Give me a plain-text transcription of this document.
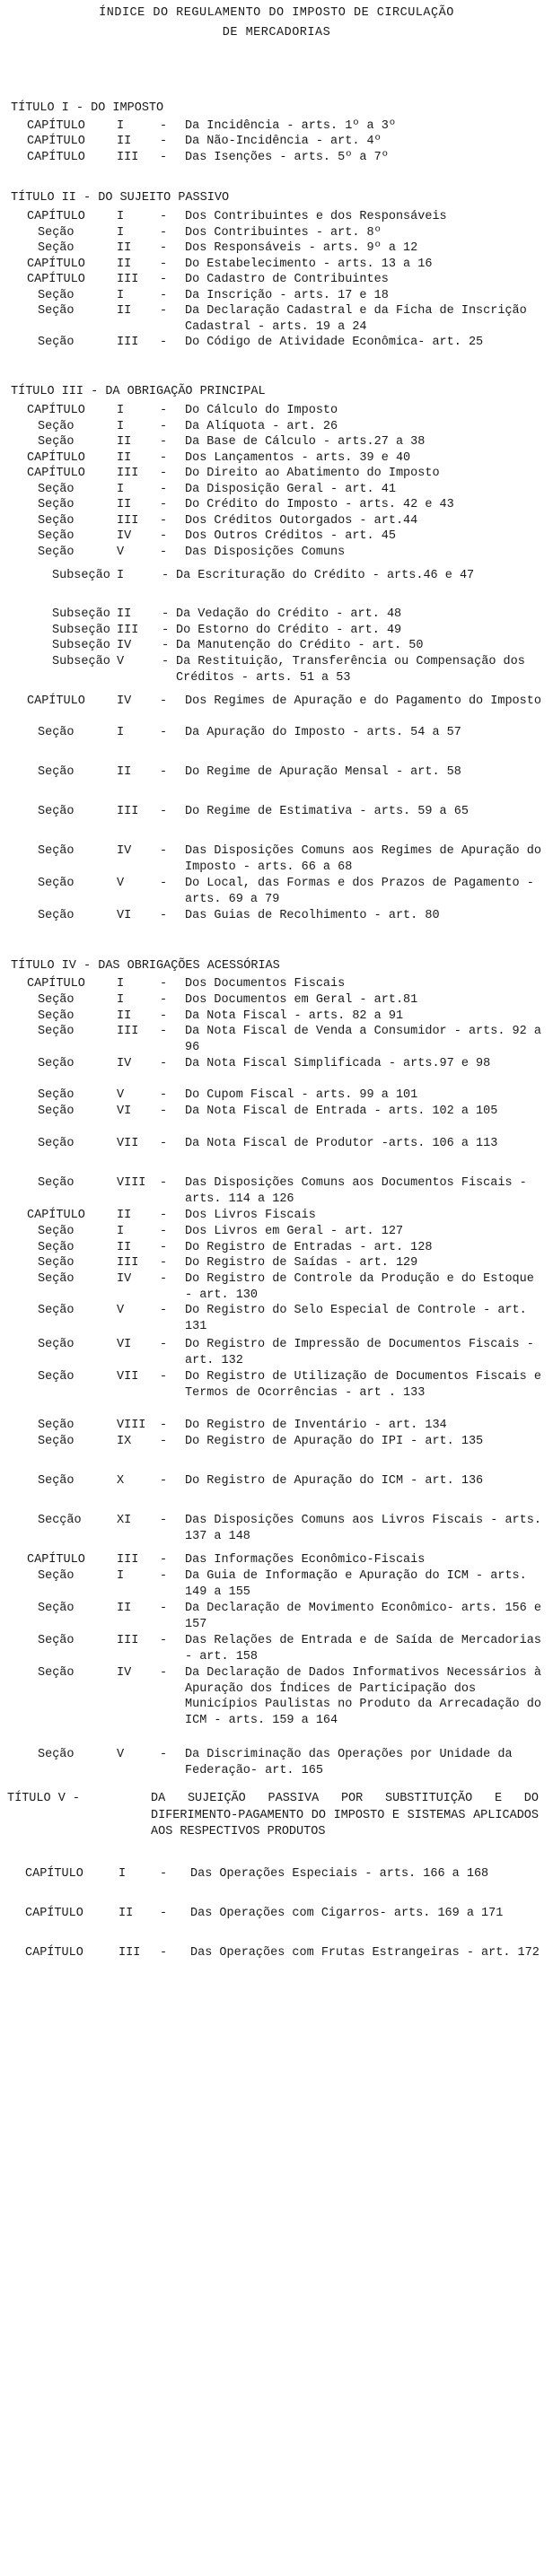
ÍNDICE DO REGULAMENTO DO IMPOSTO DE CIRCULAÇÃO
DE MERCADORIAS
TÍTULO I - DO IMPOSTO
CAPÍTULO	I	- Da Incidência - arts. 1º a 3º
CAPÍTULO	II - Da Não-Incidência - art. 4º
CAPÍTULO	III - Das Isenções - arts. 5º a 7º
TÍTULO II - DO SUJEITO PASSIVO
CAPÍTULO	I	- Dos Contribuintes e dos Responsáveis
Seção	I	- Dos Contribuintes - art. 8º
Seção	II - Dos Responsáveis - arts. 9º a 12
CAPÍTULO	II - Do Estabelecimento - arts. 13 a 16
CAPÍTULO	III - Do Cadastro de Contribuintes
Seção	I	- Da Inscrição - arts. 17 e 18
Seção	II - Da Declaração Cadastral e da Ficha de Inscrição Cadastral - arts. 19 a 24
Seção	III - Do Código de Atividade Econômica- art. 25
TÍTULO III - DA OBRIGAÇÃO PRINCIPAL
CAPÍTULO	I	- Do Cálculo do Imposto
Seção	I	- Da Alíquota - art. 26
Seção	II - Da Base de Cálculo - arts.27 a 38
CAPÍTULO	II - Dos Lançamentos - arts. 39 e 40
CAPÍTULO	III - Do Direito ao Abatimento do Imposto
Seção	I	- Da Disposição Geral - art. 41
Seção	II - Do Crédito do Imposto - arts. 42 e 43
Seção	III - Dos Créditos Outorgados - art.44
Seção	IV - Dos Outros Créditos - art. 45
Seção	V	- Das Disposições Comuns
Subseção I	- Da Escrituração do Crédito - arts.46 e 47
Subseção II	- Da Vedação do Crédito - art. 48
Subseção III - Do Estorno do Crédito - art. 49
Subseção IV	- Da Manutenção do Crédito - art. 50
Subseção V	- Da Restituição, Transferência ou Compensação dos Créditos - arts. 51 a 53
CAPÍTULO	IV - Dos Regimes de Apuração e do Pagamento do Imposto
Seção	I	- Da Apuração do Imposto - arts. 54 a 57
Seção	II - Do Regime de Apuração Mensal - art. 58
Seção	III - Do Regime de Estimativa - arts. 59 a 65
Seção	IV - Das Disposições Comuns aos Regimes de Apuração do Imposto - arts. 66 a 68
Seção	V	- Do Local, das Formas e dos Prazos de Pagamento - arts. 69 a 79
Seção	VI - Das Guias de Recolhimento - art. 80
TÍTULO IV - DAS OBRIGAÇÕES ACESSÓRIAS
CAPÍTULO	I	- Dos Documentos Fiscais
Seção	I	- Dos Documentos em Geral - art.81
Seção	II - Da Nota Fiscal - arts. 82 a 91
Seção	III - Da Nota Fiscal de Venda a Consumidor - arts. 92 a 96
Seção	IV - Da Nota Fiscal Simplificada - arts.97 e 98
Seção	V	- Do Cupom Fiscal - arts. 99 a 101
Seção	VI - Da Nota Fiscal de Entrada - arts. 102 a 105
Seção	VII - Da Nota Fiscal de Produtor -arts. 106 a 113
Seção	VIII - Das Disposições Comuns aos Documentos Fiscais - arts. 114 a 126
CAPÍTULO	II - Dos Livros Fiscais
Seção	I	- Dos Livros em Geral - art. 127
Seção	II - Do Registro de Entradas - art. 128
Seção	III - Do Registro de Saídas - art. 129
Seção	IV - Do Registro de Controle da Produção e do Estoque - art. 130
Seção	V	- Do Registro do Selo Especial de Controle - art. 131
Seção	VI - Do Registro de Impressão de Documentos Fiscais - art. 132
Seção	VII - Do Registro de Utilização de Documentos Fiscais e Termos de Ocorrências - art . 133
Seção	VIII - Do Registro de Inventário - art. 134
Seção	IX - Do Registro de Apuração do IPI - art. 135
Seção	X	- Do Registro de Apuração do ICM - art. 136
Secção	XI - Das Disposições Comuns aos Livros Fiscais - arts. 137 a 148
CAPÍTULO	III - Das Informações Econômico-Fiscais
Seção	I	- Da Guia de Informação e Apuração do ICM - arts. 149 a 155
Seção	II - Da Declaração de Movimento Econômico- arts. 156 e 157
Seção	III - Das Relações de Entrada e de Saída de Mercadorias - art. 158
Seção	IV - Da Declaração de Dados Informativos Necessários à Apuração dos Índices de Participação dos Municípios Paulistas no Produto da Arrecadação do ICM - arts. 159 a 164
Seção	V	- Da Discriminação das Operações por Unidade da Federação- art. 165
TÍTULO V -	DA SUJEIÇÃO PASSIVA POR SUBSTITUIÇÃO E DO DIFERIMENTO-PAGAMENTO DO IMPOSTO E SISTEMAS APLICADOS AOS RESPECTIVOS PRODUTOS
CAPÍTULO	I	- Das Operações Especiais - arts. 166 a 168
CAPÍTULO	II - Das Operações com Cigarros- arts. 169 a 171
CAPÍTULO	III - Das Operações com Frutas Estrangeiras - art. 172
